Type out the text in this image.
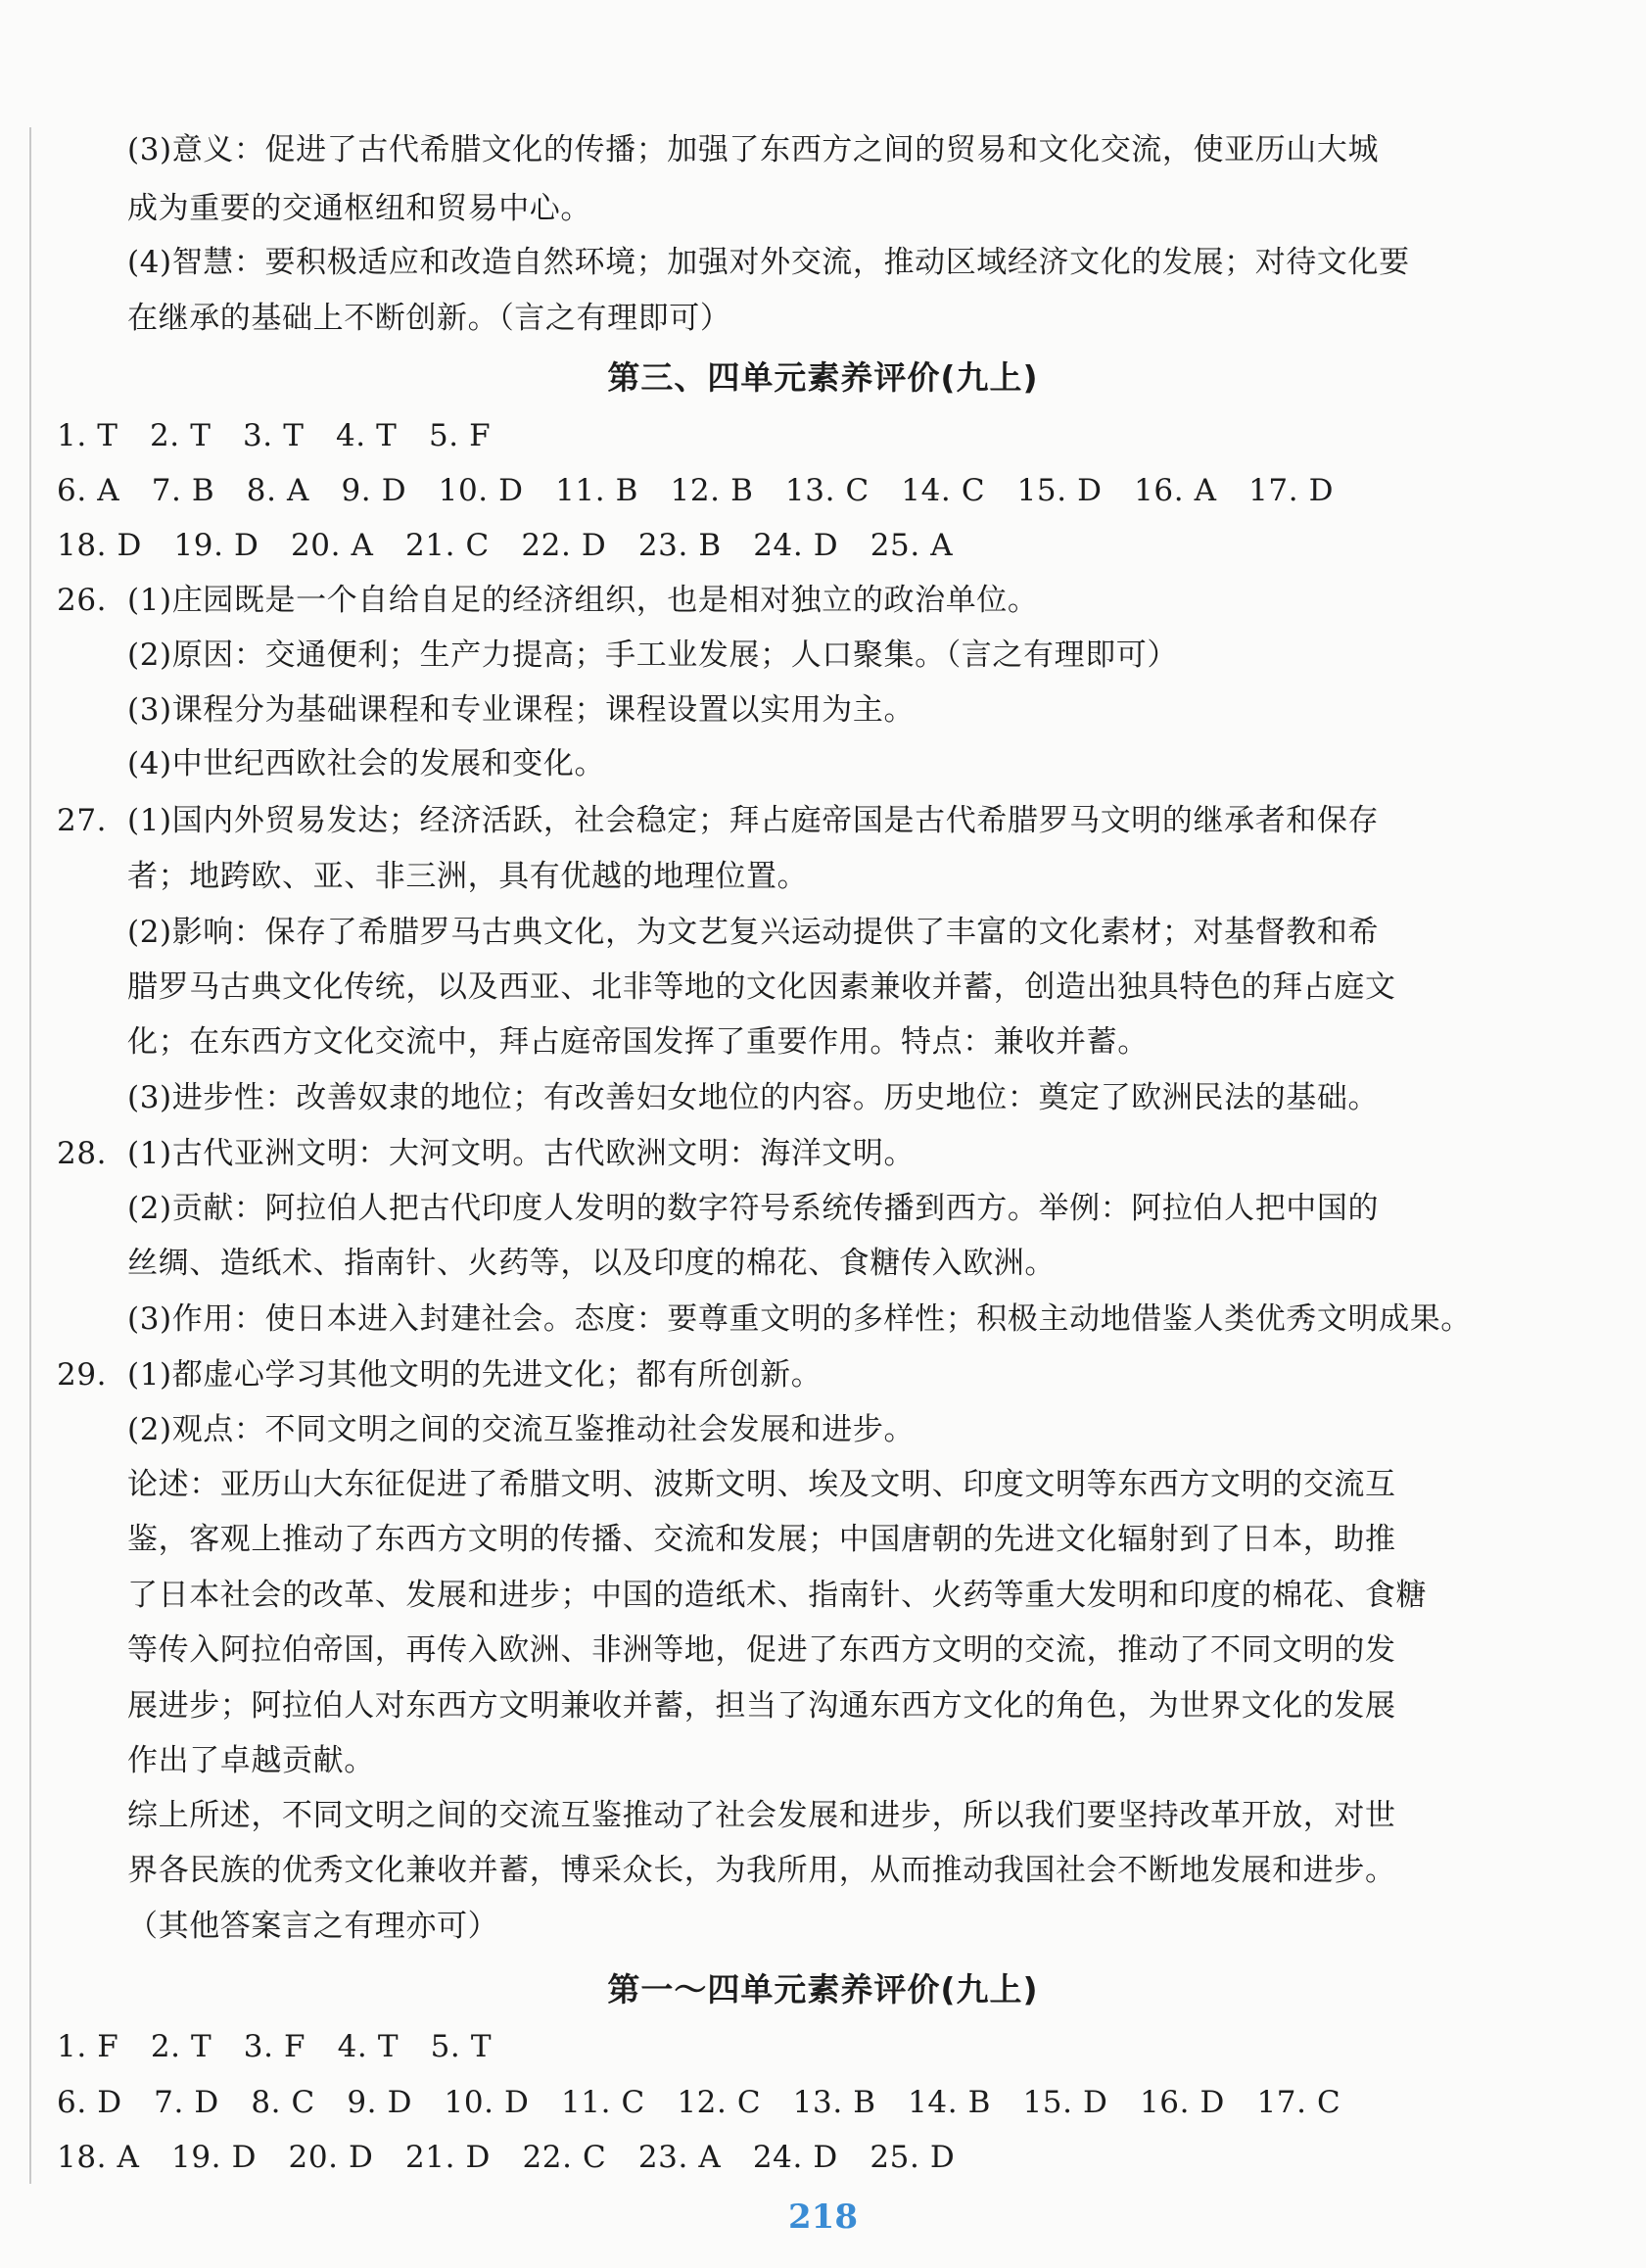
(3)意义：促进了古代希腊文化的传播；加强了东西方之间的贸易和文化交流，使亚历山大城
成为重要的交通枢纽和贸易中心。
(4)智慧：要积极适应和改造自然环境；加强对外交流，推动区域经济文化的发展；对待文化要
在继承的基础上不断创新。（言之有理即可）
第三、四单元素养评价(九上)
1. T 2. T 3. T 4. T 5. F
6. A 7. B 8. A 9. D 10. D 11. B 12. B 13. C 14. C 15. D 16. A 17. D
18. D 19. D 20. A 21. C 22. D 23. B 24. D 25. A
26. (1)庄园既是一个自给自足的经济组织，也是相对独立的政治单位。
(2)原因：交通便利；生产力提高；手工业发展；人口聚集。（言之有理即可）
(3)课程分为基础课程和专业课程；课程设置以实用为主。
(4)中世纪西欧社会的发展和变化。
27. (1)国内外贸易发达；经济活跃，社会稳定；拜占庭帝国是古代希腊罗马文明的继承者和保存
者；地跨欧、亚、非三洲，具有优越的地理位置。
(2)影响：保存了希腊罗马古典文化，为文艺复兴运动提供了丰富的文化素材；对基督教和希
腊罗马古典文化传统，以及西亚、北非等地的文化因素兼收并蓄，创造出独具特色的拜占庭文
化；在东西方文化交流中，拜占庭帝国发挥了重要作用。特点：兼收并蓄。
(3)进步性：改善奴隶的地位；有改善妇女地位的内容。历史地位：奠定了欧洲民法的基础。
28. (1)古代亚洲文明：大河文明。古代欧洲文明：海洋文明。
(2)贡献：阿拉伯人把古代印度人发明的数字符号系统传播到西方。举例：阿拉伯人把中国的
丝绸、造纸术、指南针、火药等，以及印度的棉花、食糖传入欧洲。
(3)作用：使日本进入封建社会。态度：要尊重文明的多样性；积极主动地借鉴人类优秀文明成果。
29. (1)都虚心学习其他文明的先进文化；都有所创新。
(2)观点：不同文明之间的交流互鉴推动社会发展和进步。
论述：亚历山大东征促进了希腊文明、波斯文明、埃及文明、印度文明等东西方文明的交流互
鉴，客观上推动了东西方文明的传播、交流和发展；中国唐朝的先进文化辐射到了日本，助推
了日本社会的改革、发展和进步；中国的造纸术、指南针、火药等重大发明和印度的棉花、食糖
等传入阿拉伯帝国，再传入欧洲、非洲等地，促进了东西方文明的交流，推动了不同文明的发
展进步；阿拉伯人对东西方文明兼收并蓄，担当了沟通东西方文化的角色，为世界文化的发展
作出了卓越贡献。
综上所述，不同文明之间的交流互鉴推动了社会发展和进步，所以我们要坚持改革开放，对世
界各民族的优秀文化兼收并蓄，博采众长，为我所用，从而推动我国社会不断地发展和进步。
（其他答案言之有理亦可）
第一～四单元素养评价(九上)
1. F 2. T 3. F 4. T 5. T
6. D 7. D 8. C 9. D 10. D 11. C 12. C 13. B 14. B 15. D 16. D 17. C
18. A 19. D 20. D 21. D 22. C 23. A 24. D 25. D
218
